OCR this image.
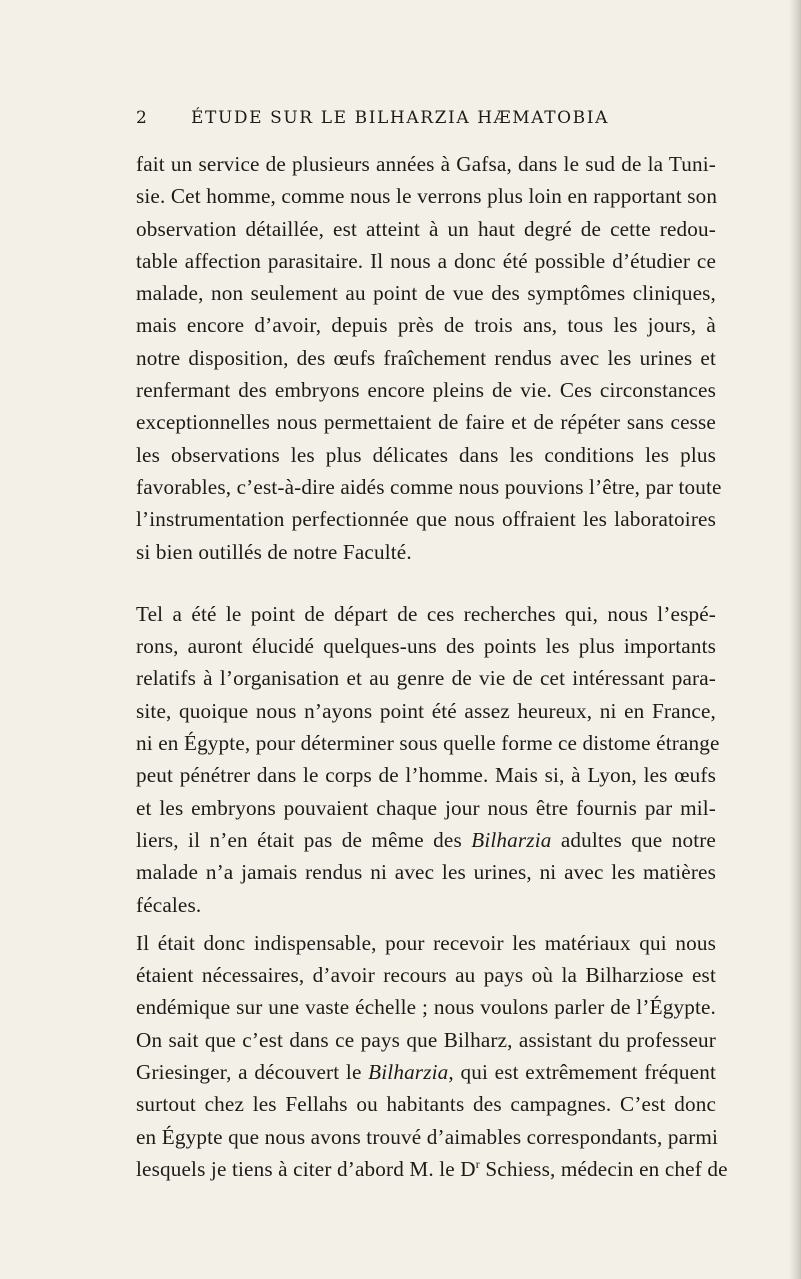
2	ÉTUDE SUR LE BILHARZIA HÆMATOBIA
fait un service de plusieurs années à Gafsa, dans le sud de la Tuni-
sie. Cet homme, comme nous le verrons plus loin en rapportant son
observation détaillée, est atteint à un haut degré de cette redou-
table affection parasitaire. Il nous a donc été possible d’étudier ce
malade, non seulement au point de vue des symptômes cliniques,
mais encore d’avoir, depuis près de trois ans, tous les jours, à
notre disposition, des œufs fraîchement rendus avec les urines et
renfermant des embryons encore pleins de vie. Ces circonstances
exceptionnelles nous permettaient de faire et de répéter sans cesse
les observations les plus délicates dans les conditions les plus
favorables, c’est-à-dire aidés comme nous pouvions l’être, par toute
l’instrumentation perfectionnée que nous offraient les laboratoires
si bien outillés de notre Faculté.
Tel a été le point de départ de ces recherches qui, nous l’espé-
rons, auront élucidé quelques-uns des points les plus importants
relatifs à l’organisation et au genre de vie de cet intéressant para-
site, quoique nous n’ayons point été assez heureux, ni en France,
ni en Égypte, pour déterminer sous quelle forme ce distome étrange
peut pénétrer dans le corps de l’homme. Mais si, à Lyon, les œufs
et les embryons pouvaient chaque jour nous être fournis par mil-
liers, il n’en était pas de même des Bilharzia adultes que notre
malade n’a jamais rendus ni avec les urines, ni avec les matières
fécales.
Il était donc indispensable, pour recevoir les matériaux qui nous
étaient nécessaires, d’avoir recours au pays où la Bilharziose est
endémique sur une vaste échelle ; nous voulons parler de l’Égypte.
On sait que c’est dans ce pays que Bilharz, assistant du professeur
Griesinger, a découvert le Bilharzia, qui est extrêmement fréquent
surtout chez les Fellahs ou habitants des campagnes. C’est donc
en Égypte que nous avons trouvé d’aimables correspondants, parmi
lesquels je tiens à citer d’abord M. le $D^r$ Schiess, médecin en chef de
